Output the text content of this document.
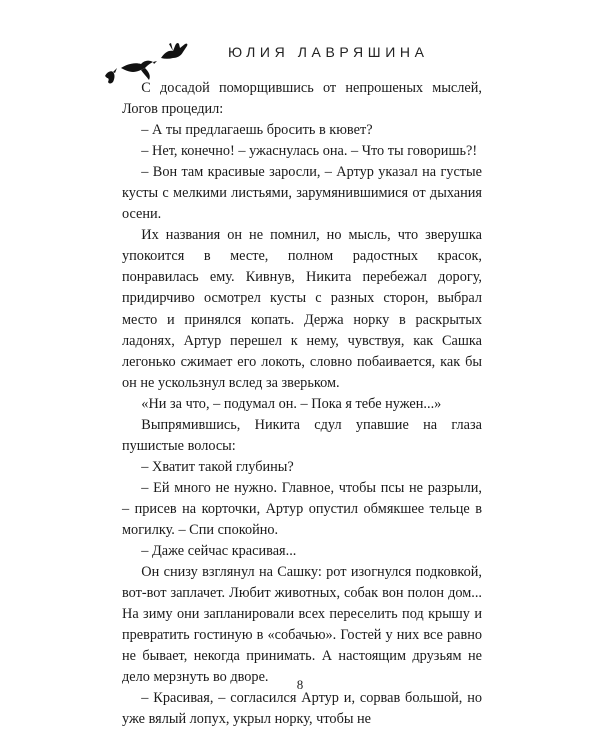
ЮЛИЯ ЛАВРЯШИНА

С досадой поморщившись от непрошеных мыслей, Логов процедил:

– А ты предлагаешь бросить в кювет?

– Нет, конечно! – ужаснулась она. – Что ты говоришь?!

– Вон там красивые заросли, – Артур указал на густые кусты с мелкими листьями, зарумянившимися от дыхания осени.

Их названия он не помнил, но мысль, что зверушка упокоится в месте, полном радостных красок, понравилась ему. Кивнув, Никита перебежал дорогу, придирчиво осмотрел кусты с разных сторон, выбрал место и принялся копать. Держа норку в раскрытых ладонях, Артур перешел к нему, чувствуя, как Сашка легонько сжимает его локоть, словно побаивается, как бы он не ускользнул вслед за зверьком.

«Ни за что, – подумал он. – Пока я тебе нужен...»

Выпрямившись, Никита сдул упавшие на глаза пушистые волосы:

– Хватит такой глубины?

– Ей много не нужно. Главное, чтобы псы не разрыли, – присев на корточки, Артур опустил обмякшее тельце в могилку. – Спи спокойно.

– Даже сейчас красивая...

Он снизу взглянул на Сашку: рот изогнулся подковкой, вот-вот заплачет. Любит животных, собак вон полон дом... На зиму они запланировали всех переселить под крышу и превратить гостиную в «собачью». Гостей у них все равно не бывает, некогда принимать. А настоящим друзьям не дело мерзнуть во дворе.

– Красивая, – согласился Артур и, сорвав большой, но уже вялый лопух, укрыл норку, чтобы не

8
